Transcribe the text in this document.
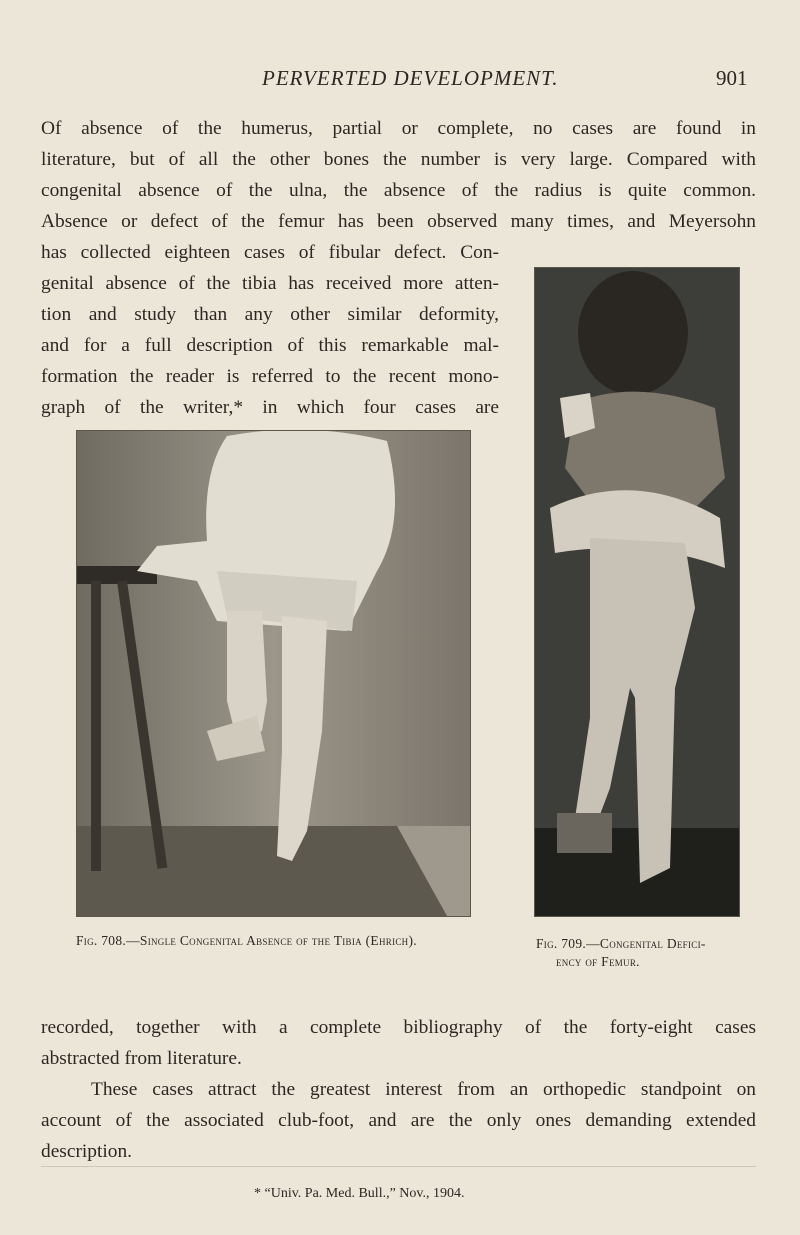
PERVERTED DEVELOPMENT.	901

Of absence of the humerus, partial or complete, no cases are found in
literature, but of all the other bones the number is very large. Compared with
congenital absence of the ulna, the absence of the radius is quite common.
Absence or defect of the femur has been observed many times, and Meyersohn

has collected eighteen cases of fibular defect. Con-
genital absence of the tibia has received more atten-
tion and study than any other similar deformity,
and for a full description of this remarkable mal-
formation the reader is referred to the recent mono-
graph of the writer,* in which four cases are

Fig. 708.—Single Congenital Absence of the Tibia (Ehrich).	Fig. 709.—Congenital Defici-
ency of Femur.

recorded, together with a complete bibliography of the forty-eight cases
abstracted from literature.
These cases attract the greatest interest from an orthopedic standpoint on
account of the associated club-foot, and are the only ones demanding extended
description.

* “Univ. Pa. Med. Bull.,” Nov., 1904.
